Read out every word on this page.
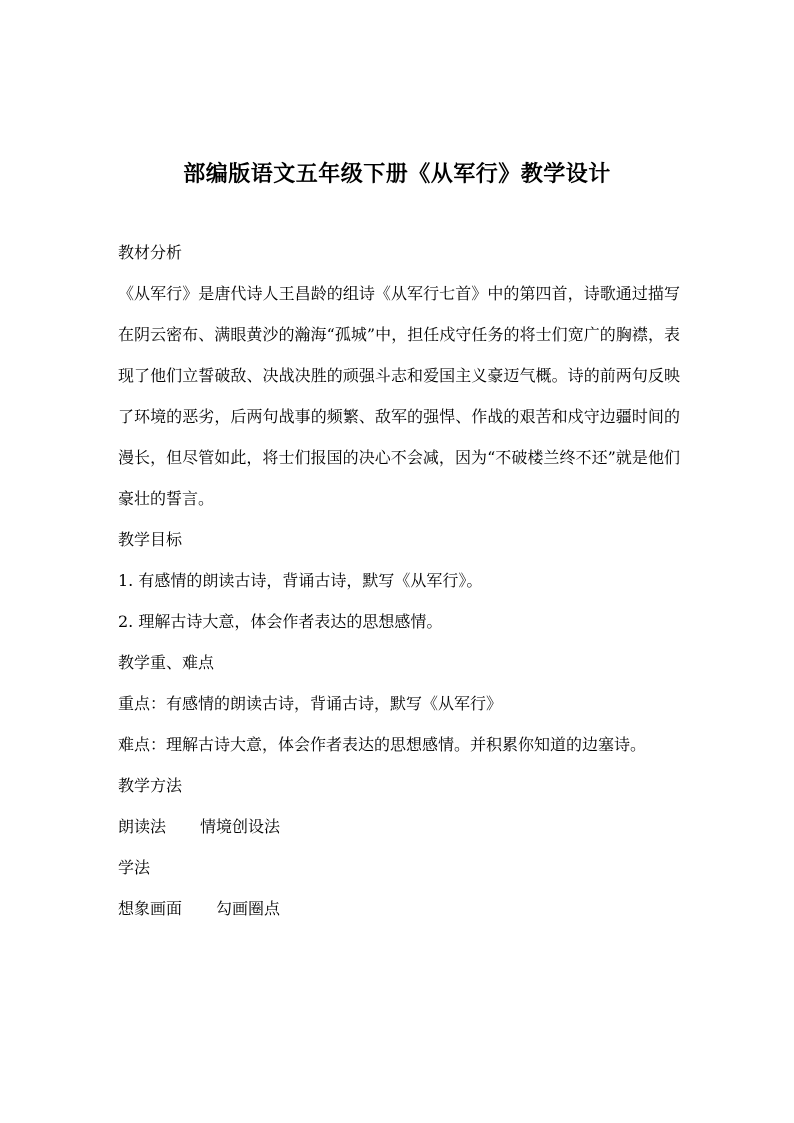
部编版语文五年级下册《从军行》教学设计

教材分析

《从军行》是唐代诗人王昌龄的组诗《从军行七首》中的第四首，诗歌通过描写在阴云密布、满眼黄沙的瀚海“孤城”中，担任戍守任务的将士们宽广的胸襟，表现了他们立誓破敌、决战决胜的顽强斗志和爱国主义豪迈气概。诗的前两句反映了环境的恶劣，后两句战事的频繁、敌军的强悍、作战的艰苦和戍守边疆时间的漫长，但尽管如此，将士们报国的决心不会减，因为“不破楼兰终不还”就是他们豪壮的誓言。

教学目标

1. 有感情的朗读古诗，背诵古诗，默写《从军行》。

2. 理解古诗大意，体会作者表达的思想感情。

教学重、难点

重点：有感情的朗读古诗，背诵古诗，默写《从军行》

难点：理解古诗大意，体会作者表达的思想感情。并积累你知道的边塞诗。

教学方法

朗读法 情境创设法

学法

想象画面 勾画圈点
